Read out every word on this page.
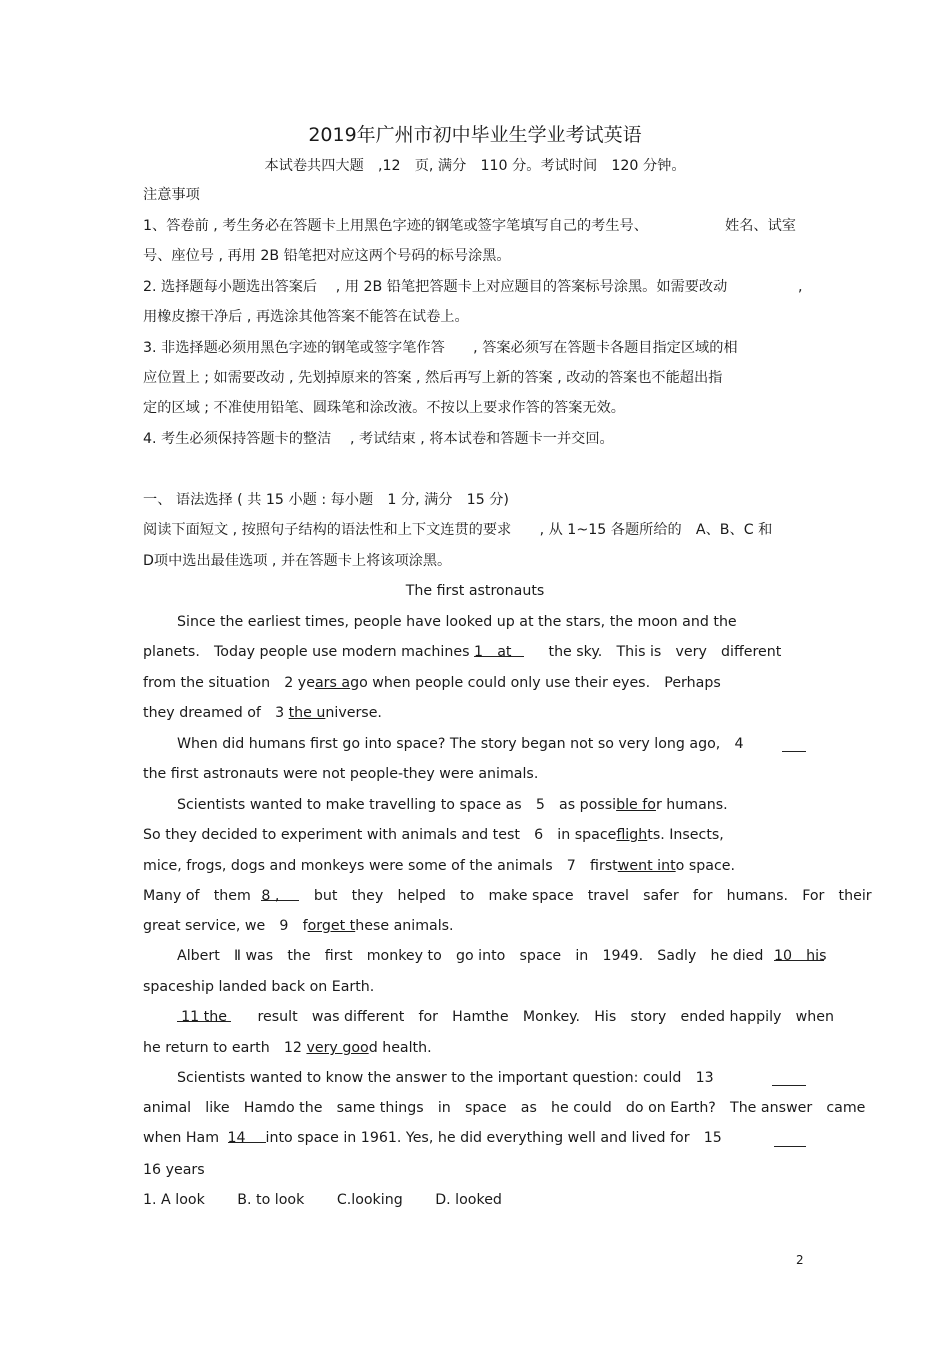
2019年广州市初中毕业生学业考试英语
本试卷共四大题　,12　页, 满分　110 分。考试时间　120 分钟。
注意事项
1、答卷前 , 考生务必在答题卡上用黑色字迹的钢笔或签字笔填写自己的考生号、	姓名、试室
号、座位号 , 再用 2B 铅笔把对应这两个号码的标号涂黑。
2. 选择题每小题选出答案后　 , 用 2B 铅笔把答题卡上对应题目的答案标号涂黑。如需要改动	,
用橡皮擦干净后 , 再选涂其他答案不能答在试卷上。
3. 非选择题必须用黑色字迹的钢笔或签字笔作答　　, 答案必须写在答题卡各题目指定区域的相
应位置上 ; 如需要改动 , 先划掉原来的答案 , 然后再写上新的答案 , 改动的答案也不能超出指
定的区域 ; 不准使用铅笔、圆珠笔和涂改液。不按以上要求作答的答案无效。
4. 考生必须保持答题卡的整洁　 , 考试结束 , 将本试卷和答题卡一并交回。
一、 语法选择 ( 共 15 小题 : 每小题　1 分, 满分　15 分)
阅读下面短文 , 按照句子结构的语法性和上下文连贯的要求　　, 从 1~15 各题所给的　A、B、C 和
D项中选出最佳选项 , 并在答题卡上将该项涂黑。
The first astronauts
Since the earliest times, people have looked up at the stars, the moon and the
planets.　Today people use modern machines 1　at	the sky.　This is　very　different
from the situation　2 years ago when people could only use their eyes.　Perhaps
they dreamed of　3 the universe.
When did humans first go into space? The story began not so very long ago,　4
the first astronauts were not people-they were animals.
Scientists wanted to make travelling to space as　5　as possible for humans.
So they decided to experiment with animals and test　6　in spaceflights. Insects,
mice, frogs, dogs and monkeys were some of the animals　7　firstwent into space.
Many of　them 8 , but　they　helped　to　make space　travel　safer　for　humans.　For　their
great service, we　9　forget these animals.
Albert　Ⅱ was　the　first　monkey to　go into　space　in　1949.　Sadly　he died 10　his
spaceship landed back on Earth.
11 the result　was different　for　Hamthe　Monkey.　His　story　ended happily　when
he return to earth　12 very good health.
Scientists wanted to know the answer to the important question: could　13
animal　like　Hamdo the　same things　in　space　as　he could　do on Earth?　The answer　came
when Ham 14 into space in 1961. Yes, he did everything well and lived for　15
16 years
1. A look B. to look C.looking D. looked
2
